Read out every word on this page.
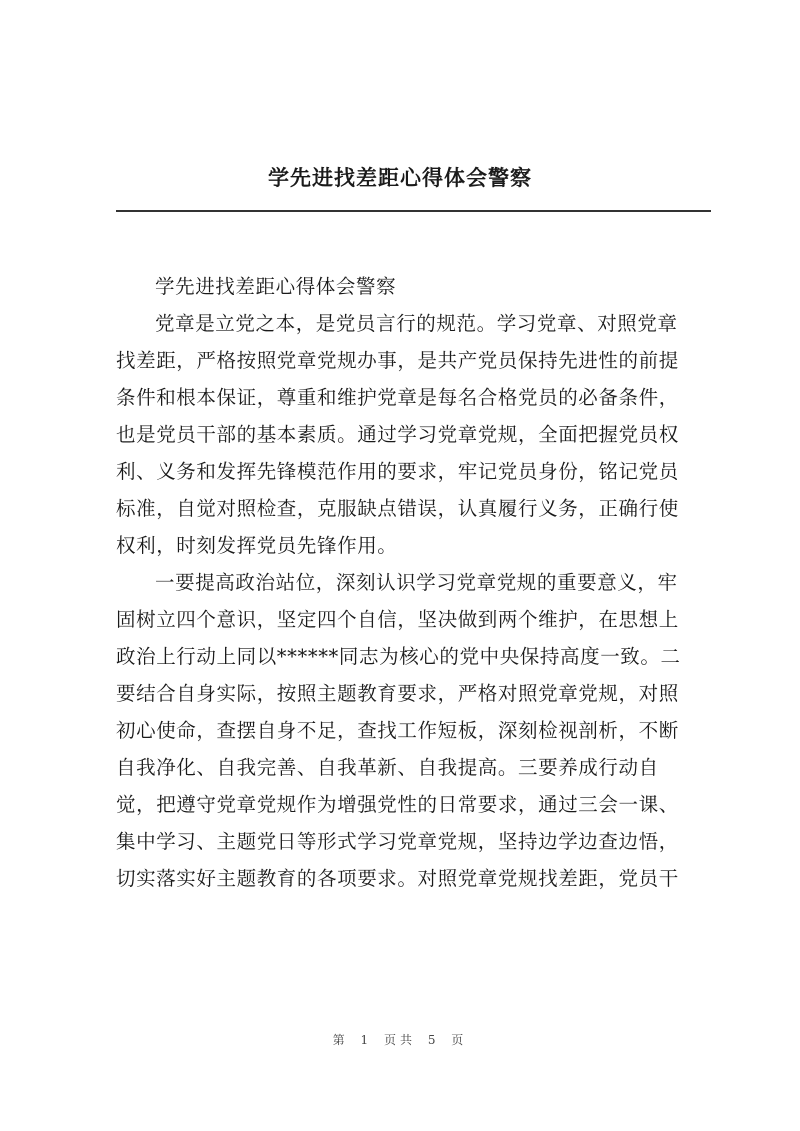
学先进找差距心得体会警察
学先进找差距心得体会警察
党章是立党之本，是党员言行的规范。学习党章、对照党章
找差距，严格按照党章党规办事，是共产党员保持先进性的前提
条件和根本保证，尊重和维护党章是每名合格党员的必备条件，
也是党员干部的基本素质。通过学习党章党规，全面把握党员权
利、义务和发挥先锋模范作用的要求，牢记党员身份，铭记党员
标准，自觉对照检查，克服缺点错误，认真履行义务，正确行使
权利，时刻发挥党员先锋作用。
一要提高政治站位，深刻认识学习党章党规的重要意义，牢
固树立四个意识，坚定四个自信，坚决做到两个维护，在思想上
政治上行动上同以******同志为核心的党中央保持高度一致。二
要结合自身实际，按照主题教育要求，严格对照党章党规，对照
初心使命，查摆自身不足，查找工作短板，深刻检视剖析，不断
自我净化、自我完善、自我革新、自我提高。三要养成行动自
觉，把遵守党章党规作为增强党性的日常要求，通过三会一课、
集中学习、主题党日等形式学习党章党规，坚持边学边查边悟，
切实落实好主题教育的各项要求。对照党章党规找差距，党员干
第 1 页共 5 页
